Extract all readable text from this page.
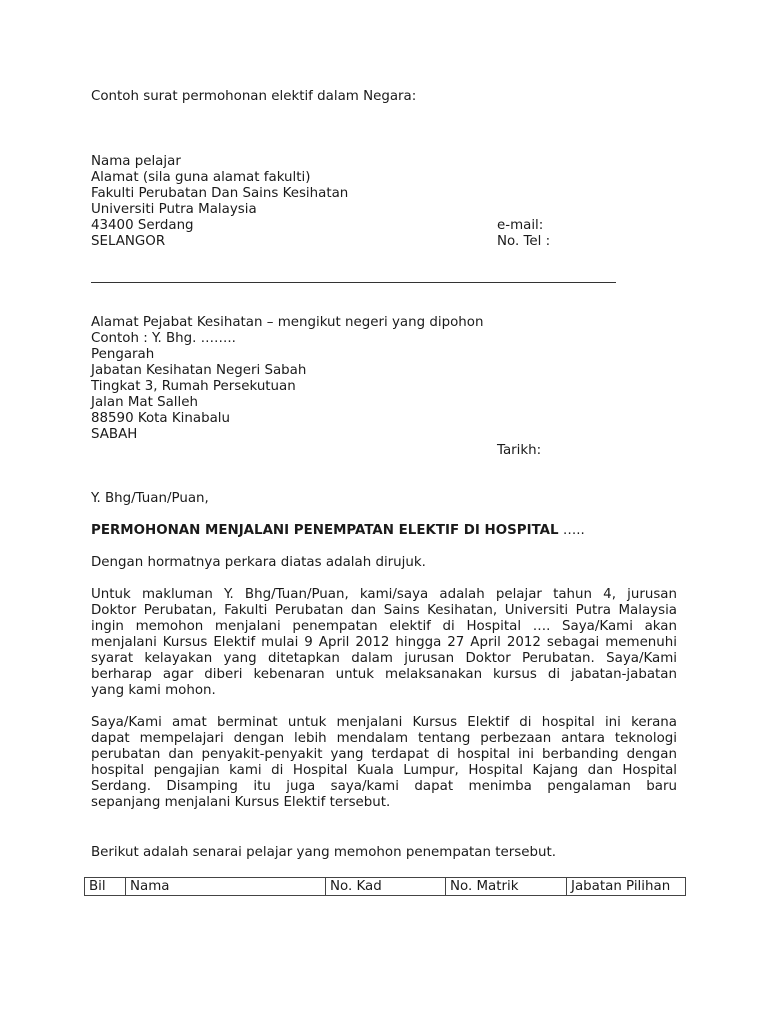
Contoh surat permohonan elektif dalam Negara:
Nama pelajar
Alamat (sila guna alamat fakulti)
Fakulti Perubatan Dan Sains Kesihatan
Universiti Putra Malaysia
43400 Serdang
SELANGOR
e-mail:
No. Tel :
Alamat Pejabat Kesihatan – mengikut negeri yang dipohon
Contoh : Y. Bhg. ……..
Pengarah
Jabatan Kesihatan Negeri Sabah
Tingkat 3, Rumah Persekutuan
Jalan Mat Salleh
88590 Kota Kinabalu
SABAH
Tarikh:
Y. Bhg/Tuan/Puan,
PERMOHONAN MENJALANI PENEMPATAN ELEKTIF DI HOSPITAL …..
Dengan hormatnya perkara diatas adalah dirujuk.
Untuk makluman Y. Bhg/Tuan/Puan, kami/saya adalah pelajar tahun 4, jurusan
Doktor Perubatan, Fakulti Perubatan dan Sains Kesihatan, Universiti Putra Malaysia
ingin memohon menjalani penempatan elektif di Hospital …. Saya/Kami akan
menjalani Kursus Elektif mulai 9 April 2012 hingga 27 April 2012 sebagai memenuhi
syarat kelayakan yang ditetapkan dalam jurusan Doktor Perubatan. Saya/Kami
berharap agar diberi kebenaran untuk melaksanakan kursus di jabatan-jabatan
yang kami mohon.
Saya/Kami amat berminat untuk menjalani Kursus Elektif di hospital ini kerana
dapat mempelajari dengan lebih mendalam tentang perbezaan antara teknologi
perubatan dan penyakit-penyakit yang terdapat di hospital ini berbanding dengan
hospital pengajian kami di Hospital Kuala Lumpur, Hospital Kajang dan Hospital
Serdang. Disamping itu juga saya/kami dapat menimba pengalaman baru
sepanjang menjalani Kursus Elektif tersebut.
Berikut adalah senarai pelajar yang memohon penempatan tersebut.
Bil	Nama	No. Kad	No. Matrik	Jabatan Pilihan
